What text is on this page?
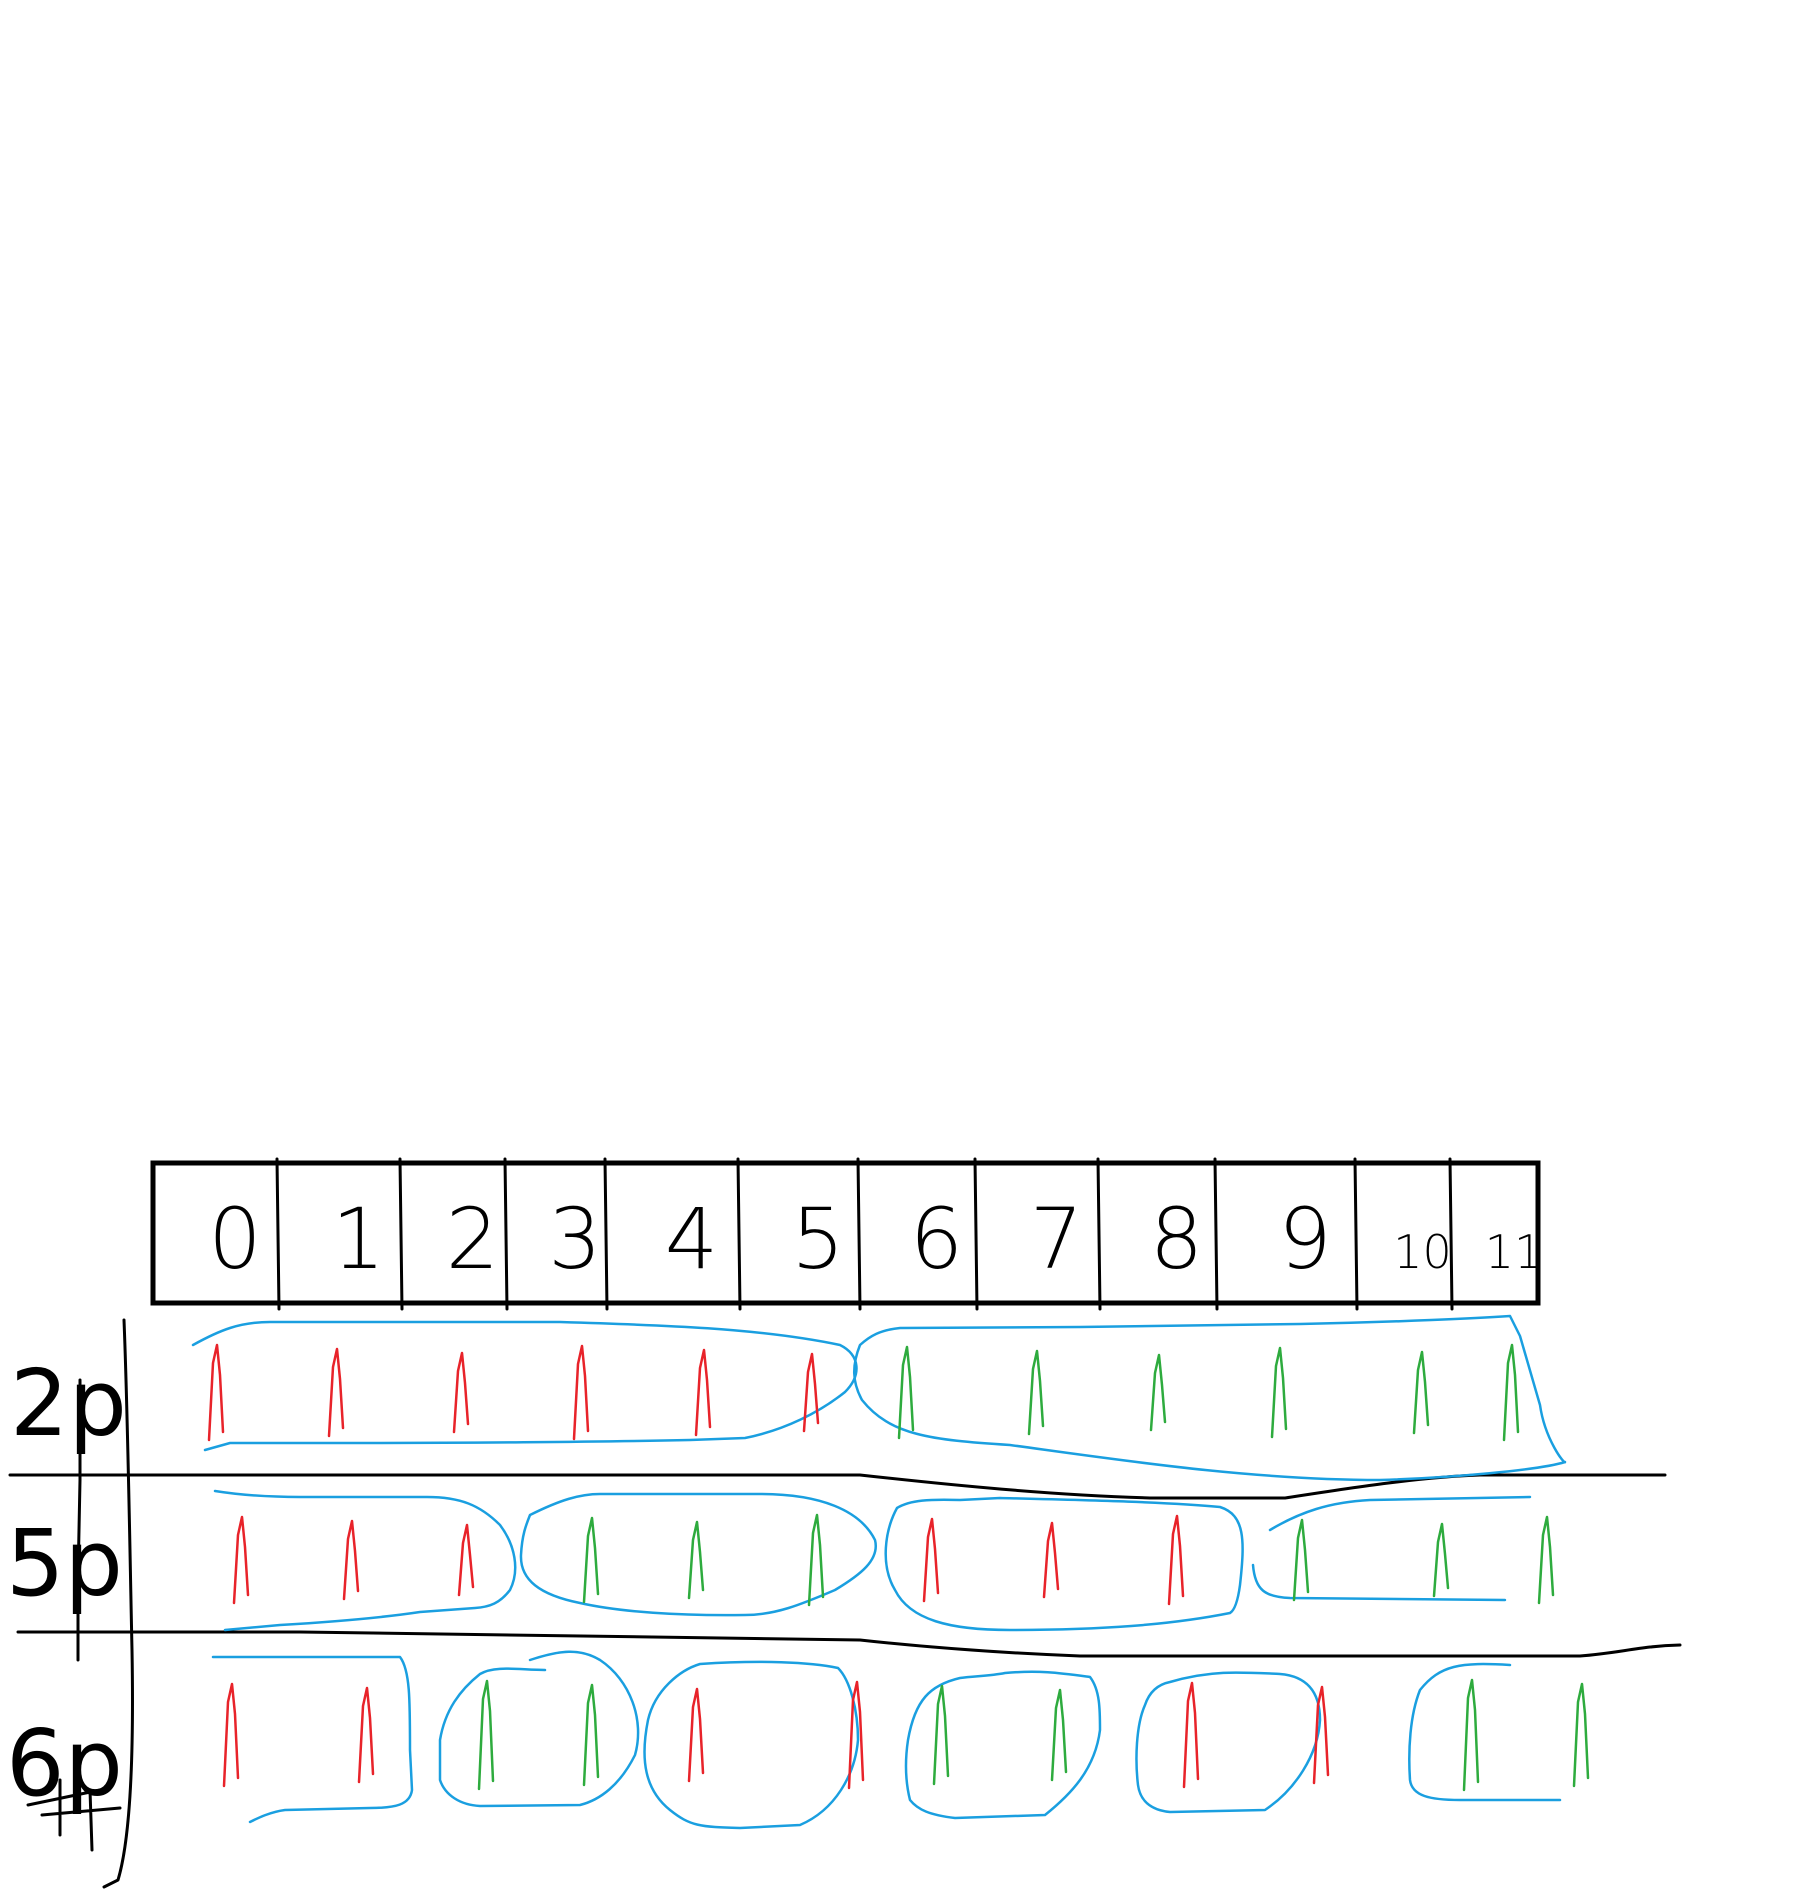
0 1 2 3 4 5 6 7 8 9 10 11
2p
5p
6p
